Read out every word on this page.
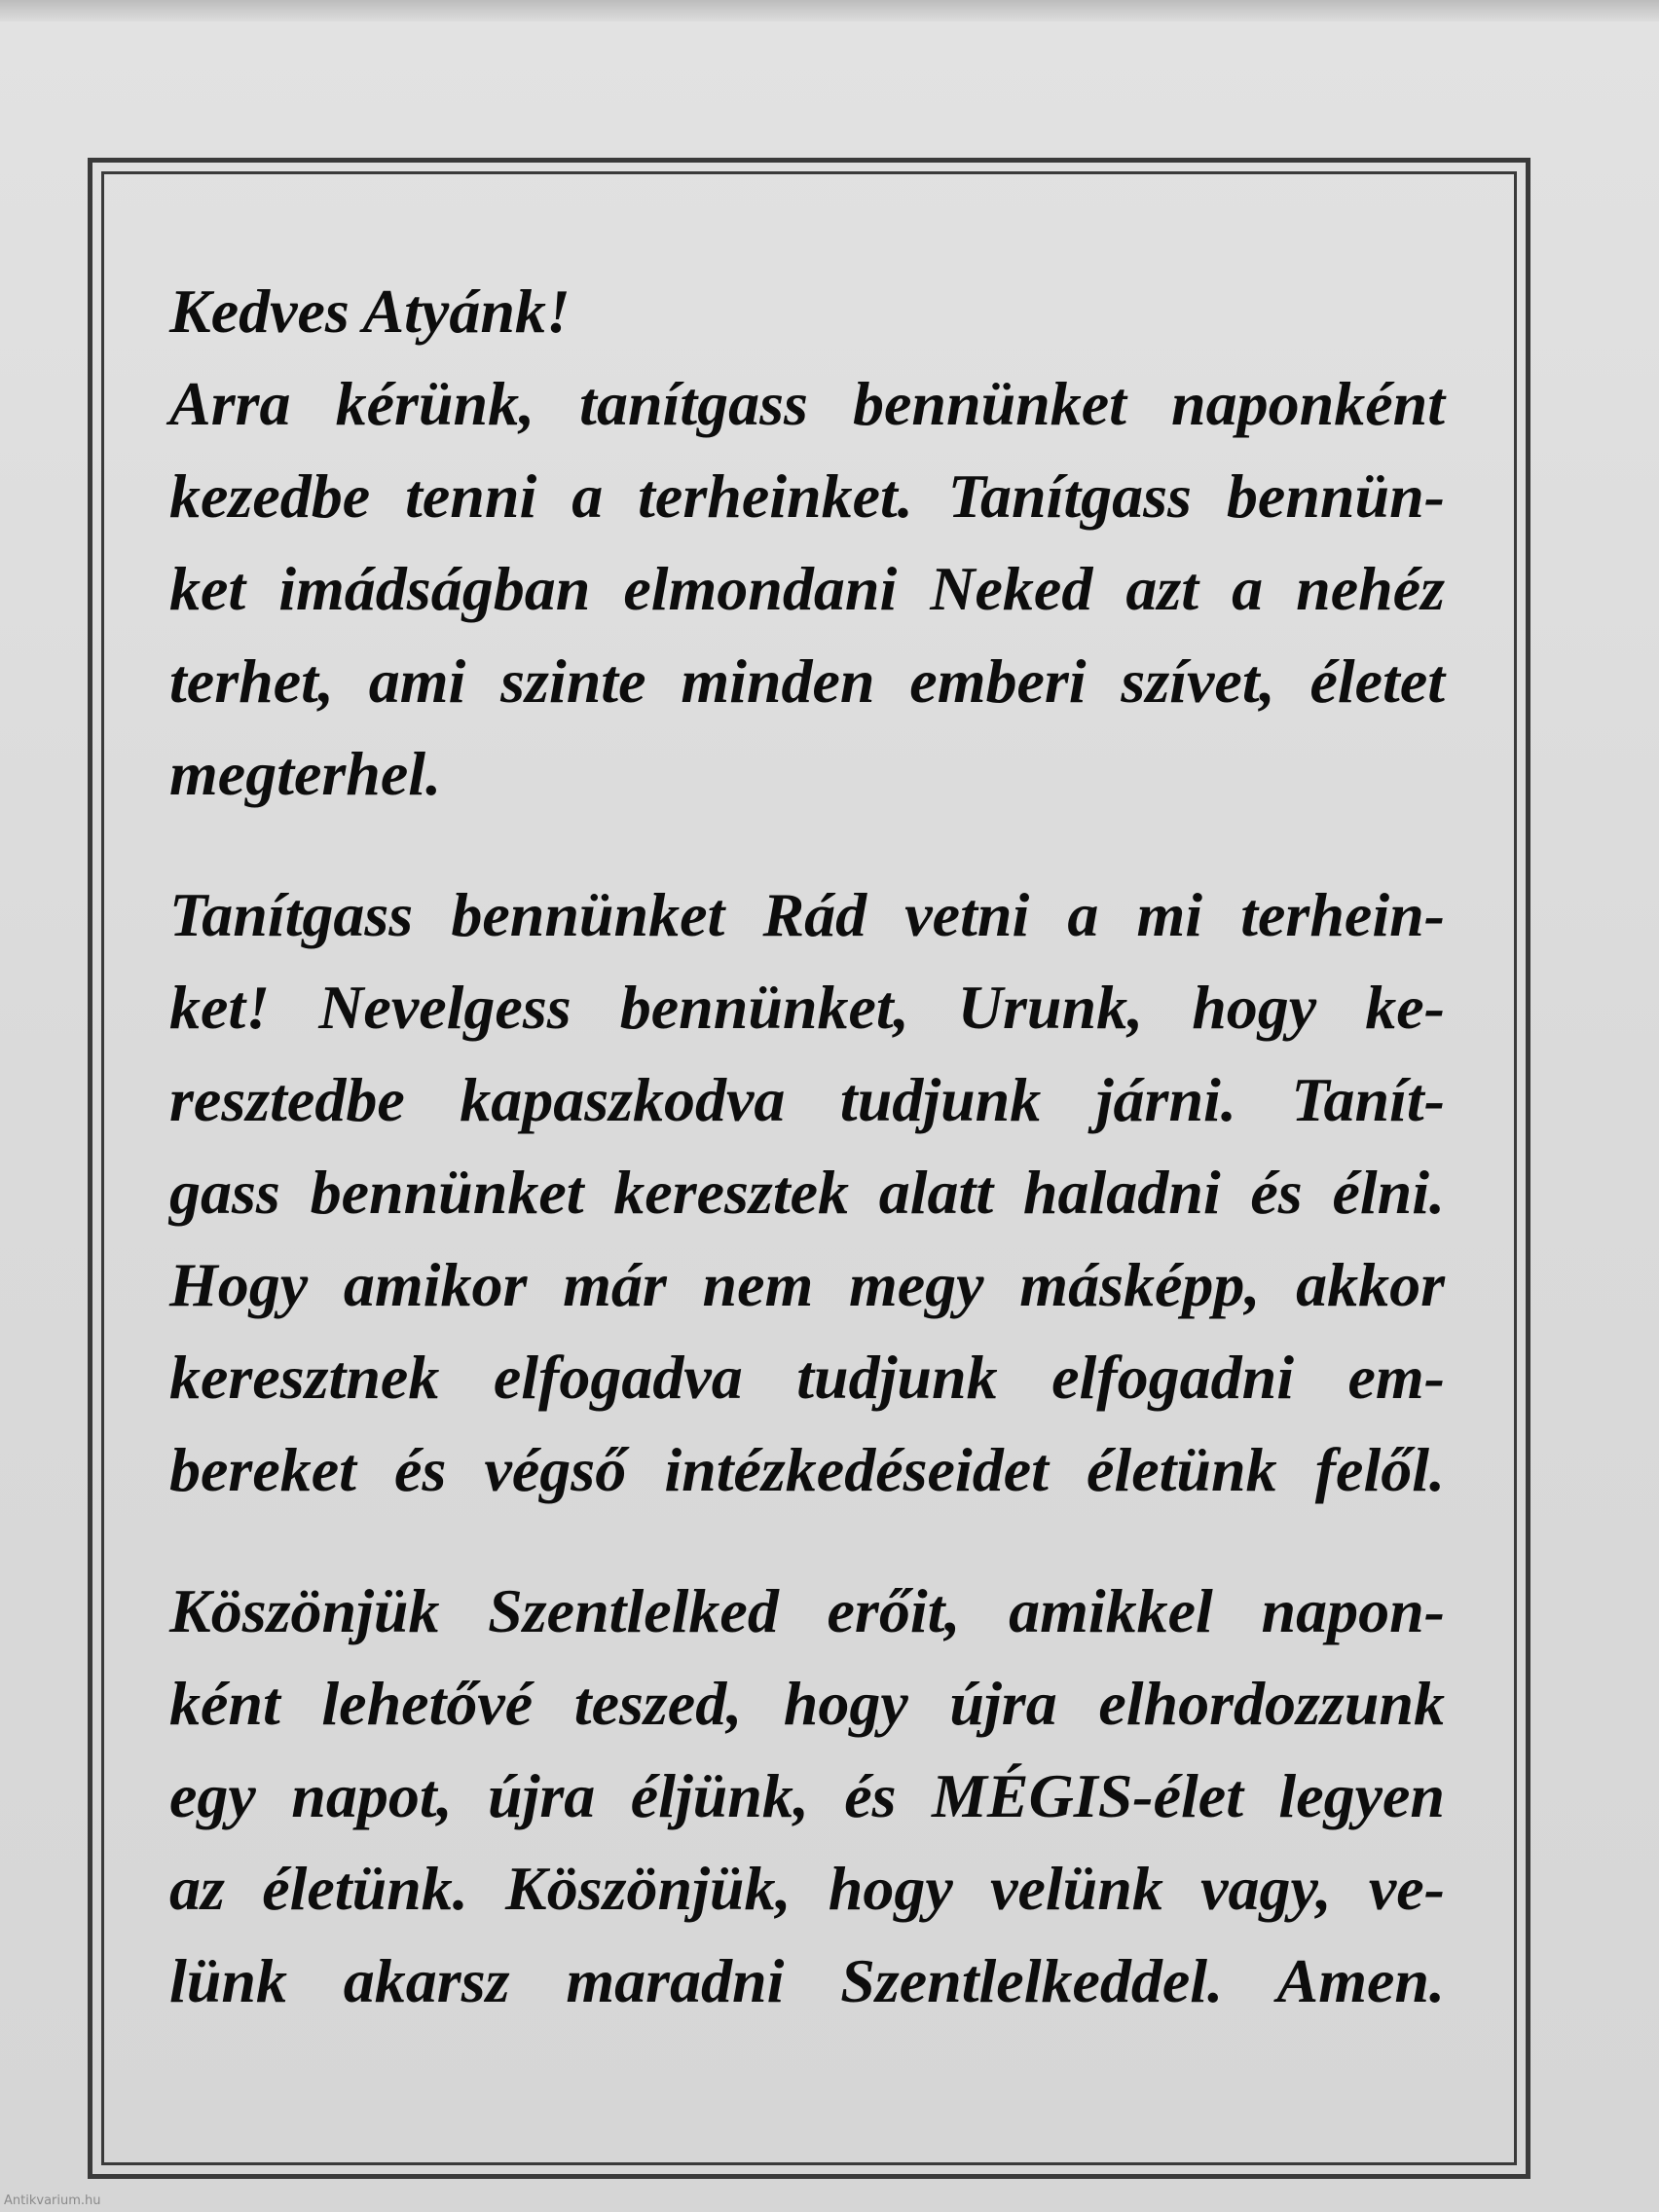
Kedves Atyánk!
Arra kérünk, tanítgass bennünket naponként
kezedbe tenni a terheinket. Tanítgass bennün-
ket imádságban elmondani Neked azt a nehéz
terhet, ami szinte minden emberi szívet, életet
megterhel.
Tanítgass bennünket Rád vetni a mi terhein-
ket! Nevelgess bennünket, Urunk, hogy ke-
resztedbe kapaszkodva tudjunk járni. Tanít-
gass bennünket keresztek alatt haladni és élni.
Hogy amikor már nem megy másképp, akkor
keresztnek elfogadva tudjunk elfogadni em-
bereket és végső intézkedéseidet életünk felől.
Köszönjük Szentlelked erőit, amikkel napon-
ként lehetővé teszed, hogy újra elhordozzunk
egy napot, újra éljünk, és MÉGIS-élet legyen
az életünk. Köszönjük, hogy velünk vagy, ve-
lünk akarsz maradni Szentlelkeddel. Amen.
Antikvarium.hu
